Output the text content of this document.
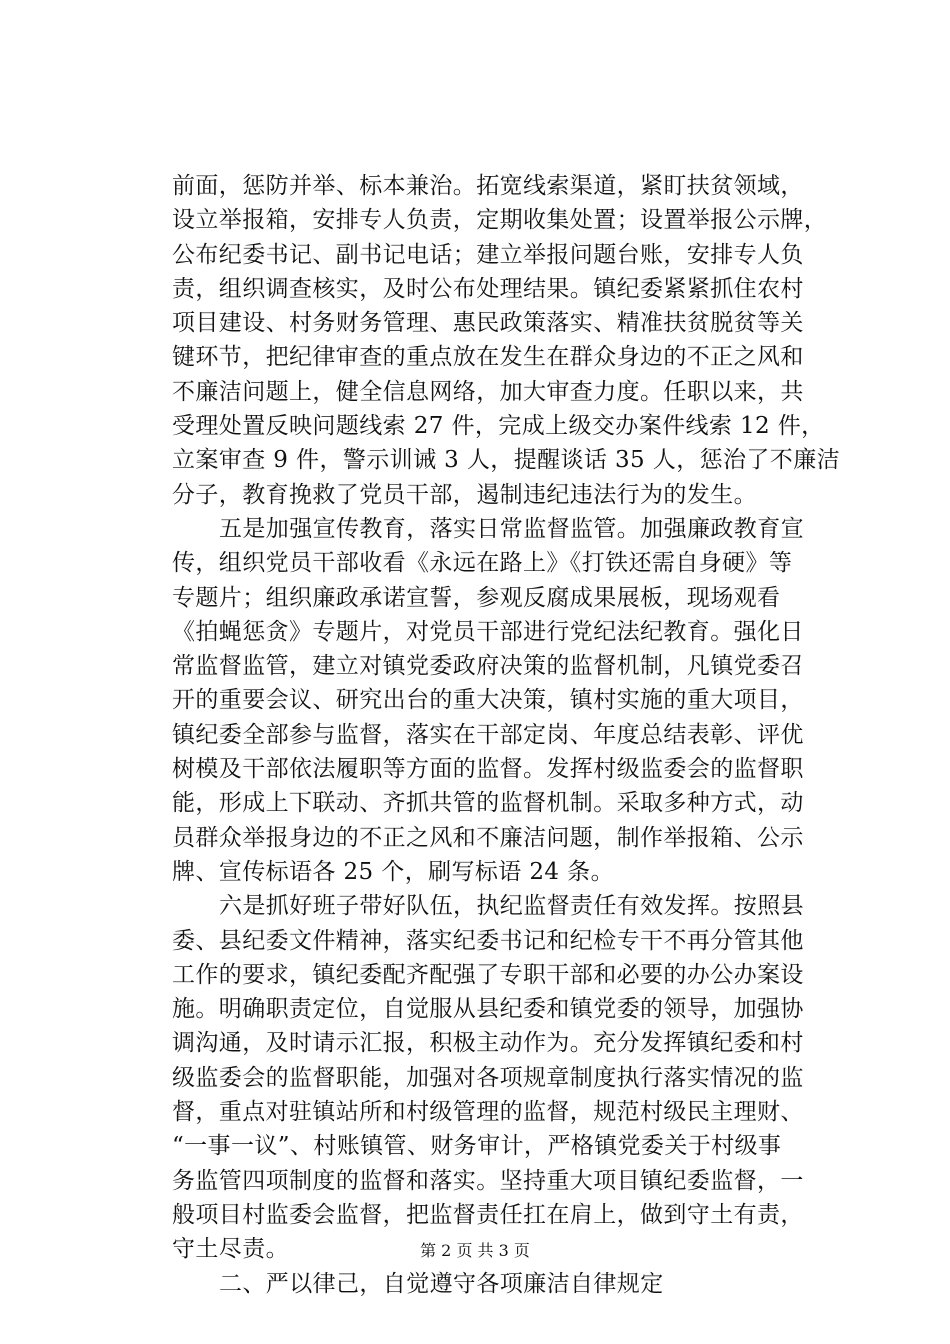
前面，惩防并举、标本兼治。拓宽线索渠道，紧盯扶贫领域，
设立举报箱，安排专人负责，定期收集处置；设置举报公示牌，
公布纪委书记、副书记电话；建立举报问题台账，安排专人负
责，组织调查核实，及时公布处理结果。镇纪委紧紧抓住农村
项目建设、村务财务管理、惠民政策落实、精准扶贫脱贫等关
键环节，把纪律审查的重点放在发生在群众身边的不正之风和
不廉洁问题上，健全信息网络，加大审查力度。任职以来，共
受理处置反映问题线索 27 件，完成上级交办案件线索 12 件，
立案审查 9 件，警示训诫 3 人，提醒谈话 35 人，惩治了不廉洁
分子，教育挽救了党员干部，遏制违纪违法行为的发生。
五是加强宣传教育，落实日常监督监管。加强廉政教育宣
传，组织党员干部收看《永远在路上》《打铁还需自身硬》等
专题片；组织廉政承诺宣誓，参观反腐成果展板，现场观看
《拍蝇惩贪》专题片，对党员干部进行党纪法纪教育。强化日
常监督监管，建立对镇党委政府决策的监督机制，凡镇党委召
开的重要会议、研究出台的重大决策，镇村实施的重大项目，
镇纪委全部参与监督，落实在干部定岗、年度总结表彰、评优
树模及干部依法履职等方面的监督。发挥村级监委会的监督职
能，形成上下联动、齐抓共管的监督机制。采取多种方式，动
员群众举报身边的不正之风和不廉洁问题，制作举报箱、公示
牌、宣传标语各 25 个，刷写标语 24 条。
六是抓好班子带好队伍，执纪监督责任有效发挥。按照县
委、县纪委文件精神，落实纪委书记和纪检专干不再分管其他
工作的要求，镇纪委配齐配强了专职干部和必要的办公办案设
施。明确职责定位，自觉服从县纪委和镇党委的领导，加强协
调沟通，及时请示汇报，积极主动作为。充分发挥镇纪委和村
级监委会的监督职能，加强对各项规章制度执行落实情况的监
督，重点对驻镇站所和村级管理的监督，规范村级民主理财、
“一事一议”、村账镇管、财务审计，严格镇党委关于村级事
务监管四项制度的监督和落实。坚持重大项目镇纪委监督，一
般项目村监委会监督，把监督责任扛在肩上，做到守土有责，
守土尽责。
二、严以律己，自觉遵守各项廉洁自律规定
第 2 页 共 3 页
